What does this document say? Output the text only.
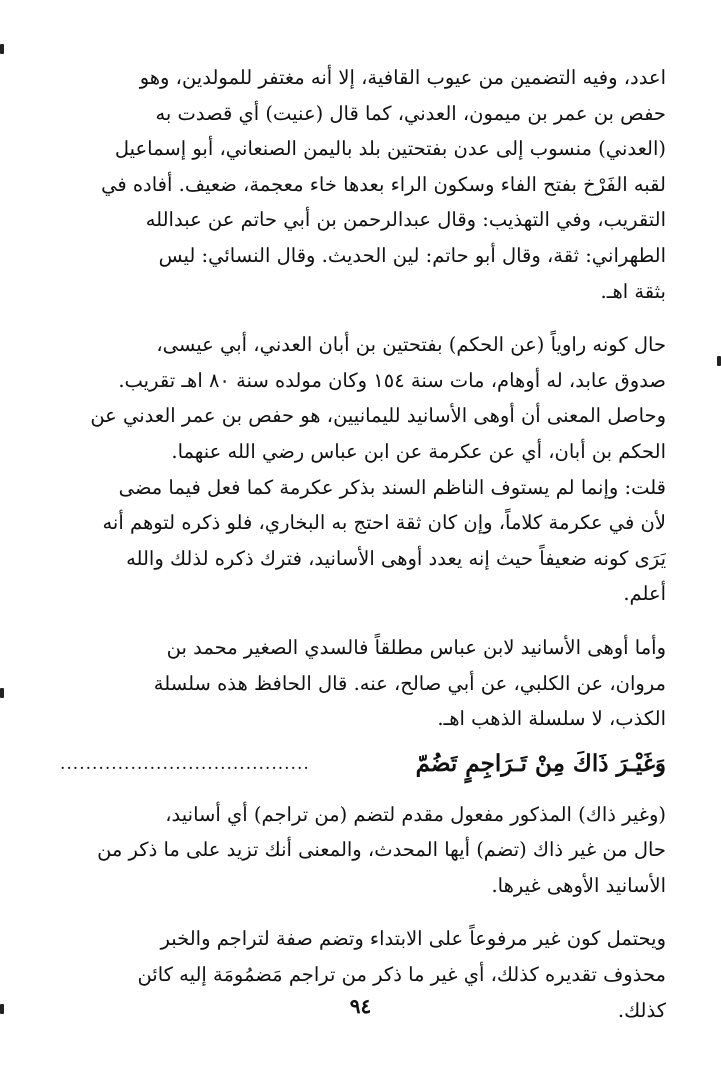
اعدد، وفيه التضمين من عيوب القافية، إلا أنه مغتفر للمولدين، وهو
حفص بن عمر بن ميمون، العدني، كما قال (عنيت) أي قصدت به
(العدني) منسوب إلى عدن بفتحتين بلد باليمن الصنعاني، أبو إسماعيل
لقبه الفَرْخ بفتح الفاء وسكون الراء بعدها خاء معجمة، ضعيف. أفاده في
التقريب، وفي التهذيب: وقال عبدالرحمن بن أبي حاتم عن عبدالله
الطهراني: ثقة، وقال أبو حاتم: لين الحديث. وقال النسائي: ليس
بثقة اهـ.
حال كونه راوياً (عن الحكم) بفتحتين بن أبان العدني، أبي عيسى،
صدوق عابد، له أوهام، مات سنة ١٥٤ وكان مولده سنة ٨٠ اهـ تقريب.
وحاصل المعنى أن أوهى الأسانيد لليمانيين، هو حفص بن عمر العدني عن
الحكم بن أبان، أي عن عكرمة عن ابن عباس رضي الله عنهما.
قلت: وإنما لم يستوف الناظم السند بذكر عكرمة كما فعل فيما مضى
لأن في عكرمة كلاماً، وإن كان ثقة احتج به البخاري، فلو ذكره لتوهم أنه
يَرَى كونه ضعيفاً حيث إنه يعدد أوهى الأسانيد، فترك ذكره لذلك والله
أعلم.
وأما أوهى الأسانيد لابن عباس مطلقاً فالسدي الصغير محمد بن
مروان، عن الكلبي، عن أبي صالح، عنه. قال الحافظ هذه سلسلة
الكذب، لا سلسلة الذهب اهـ.
وَغَيْـرَ ذَاكَ مِنْ تَـرَاجِمٍ تَضُمّ
.......................................
(وغير ذاك) المذكور مفعول مقدم لتضم (من تراجم) أي أسانيد،
حال من غير ذاك (تضم) أيها المحدث، والمعنى أنك تزيد على ما ذكر من
الأسانيد الأوهى غيرها.
ويحتمل كون غير مرفوعاً على الابتداء وتضم صفة لتراجم والخبر
محذوف تقديره كذلك، أي غير ما ذكر من تراجم مَضمُومَة إليه كائن
كذلك.
٩٤
